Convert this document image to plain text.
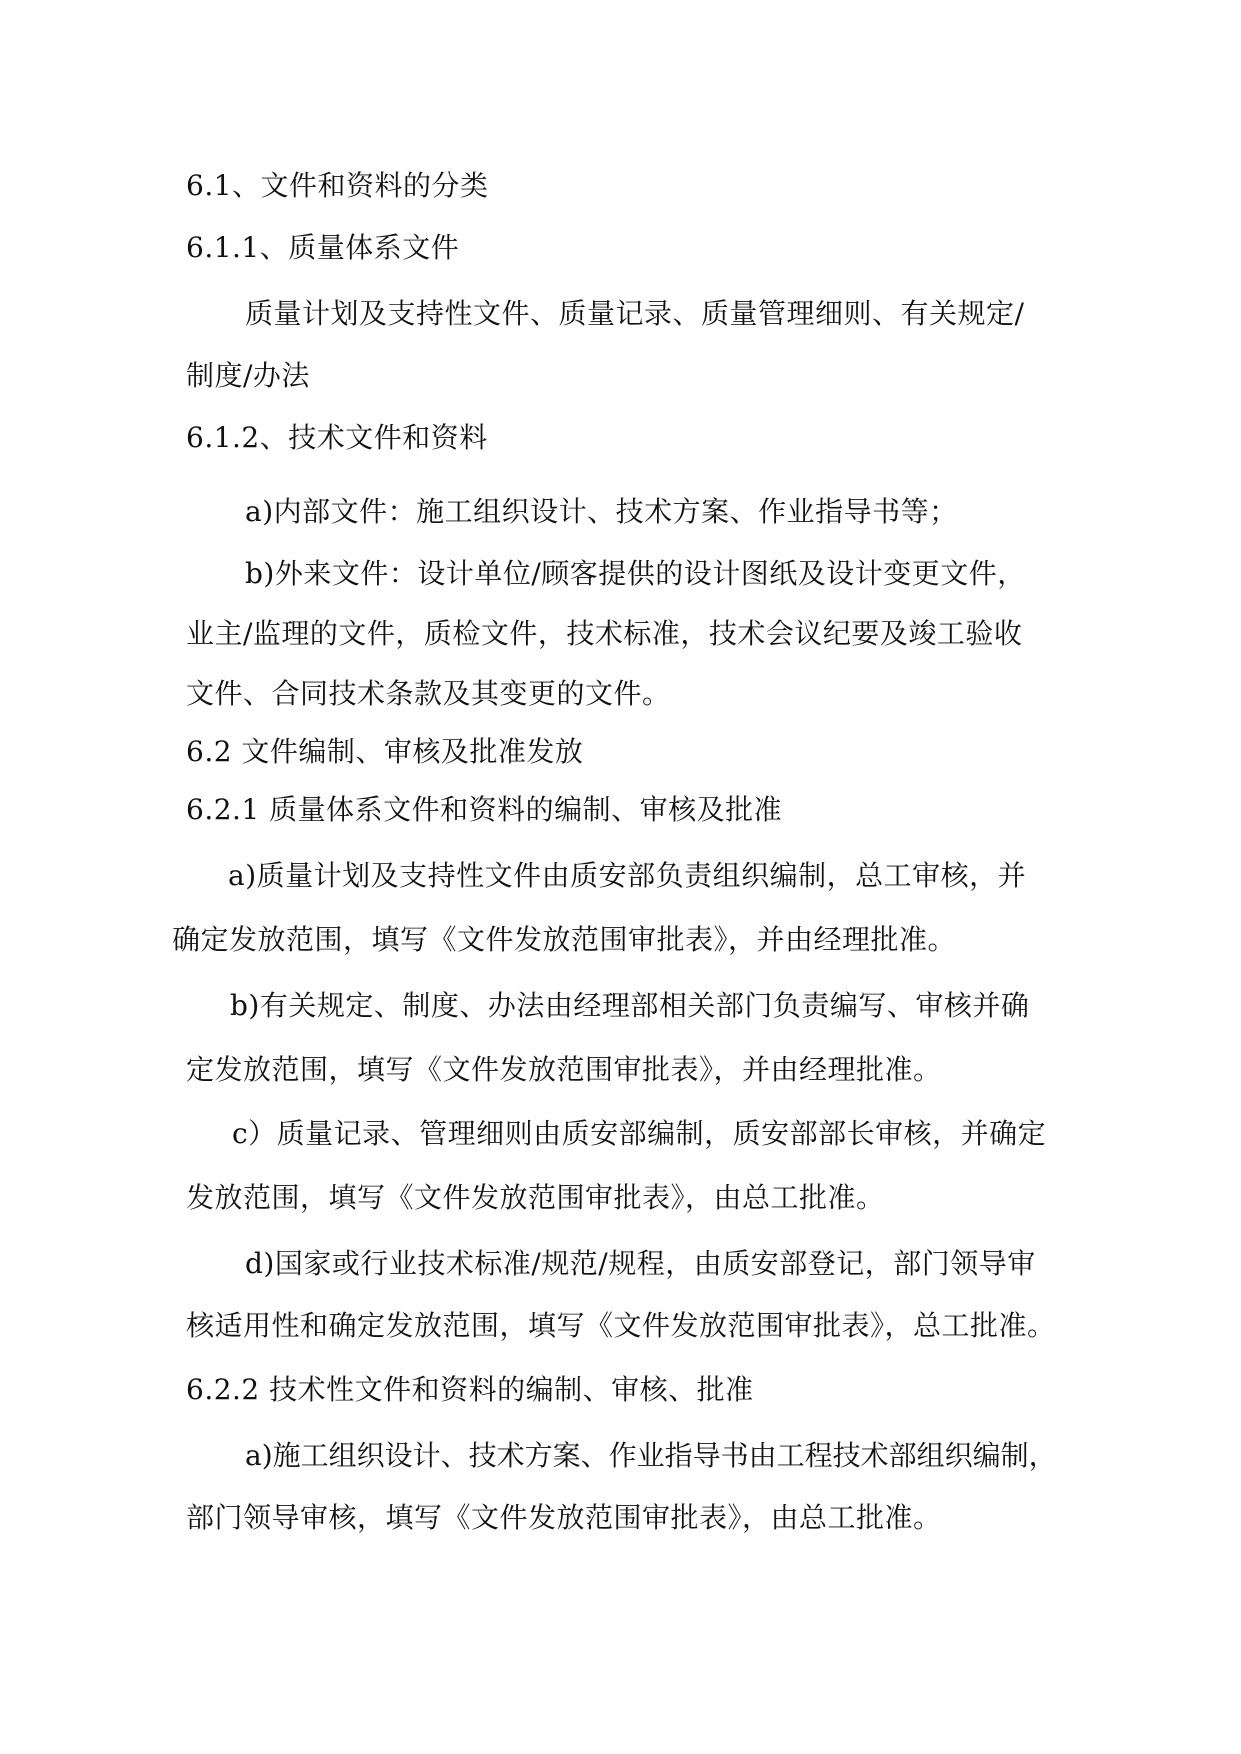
6.1、文件和资料的分类
6.1.1、质量体系文件
质量计划及支持性文件、质量记录、质量管理细则、有关规定/
制度/办法
6.1.2、技术文件和资料
a)内部文件：施工组织设计、技术方案、作业指导书等；
b)外来文件：设计单位/顾客提供的设计图纸及设计变更文件，
业主/监理的文件，质检文件，技术标准，技术会议纪要及竣工验收
文件、合同技术条款及其变更的文件。
6.2 文件编制、审核及批准发放
6.2.1 质量体系文件和资料的编制、审核及批准
a)质量计划及支持性文件由质安部负责组织编制，总工审核，并
确定发放范围，填写《文件发放范围审批表》，并由经理批准。
b)有关规定、制度、办法由经理部相关部门负责编写、审核并确
定发放范围，填写《文件发放范围审批表》，并由经理批准。
c）质量记录、管理细则由质安部编制，质安部部长审核，并确定
发放范围，填写《文件发放范围审批表》，由总工批准。
d)国家或行业技术标准/规范/规程，由质安部登记，部门领导审
核适用性和确定发放范围，填写《文件发放范围审批表》，总工批准。
6.2.2 技术性文件和资料的编制、审核、批准
a)施工组织设计、技术方案、作业指导书由工程技术部组织编制，
部门领导审核，填写《文件发放范围审批表》，由总工批准。
